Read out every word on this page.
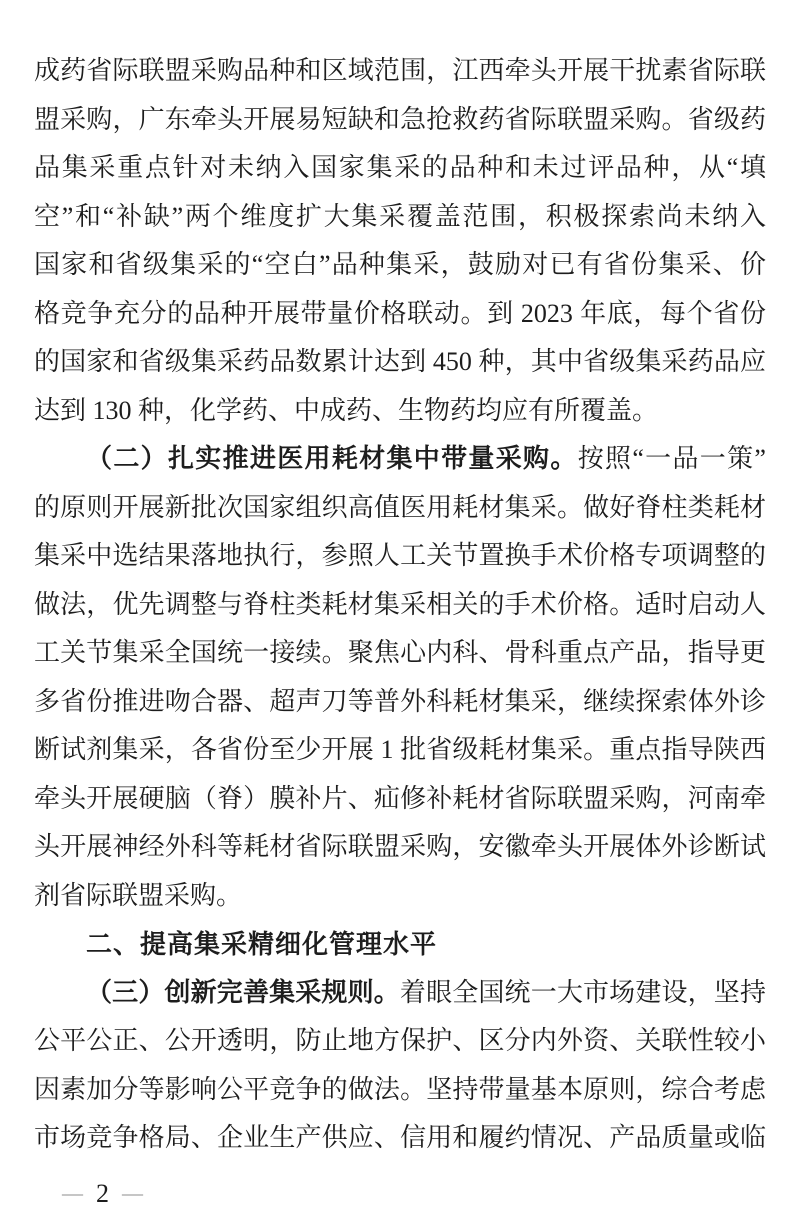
成药省际联盟采购品种和区域范围，江西牵头开展干扰素省际联
盟采购，广东牵头开展易短缺和急抢救药省际联盟采购。省级药
品集采重点针对未纳入国家集采的品种和未过评品种，从“填
空”和“补缺”两个维度扩大集采覆盖范围，积极探索尚未纳入
国家和省级集采的“空白”品种集采，鼓励对已有省份集采、价
格竞争充分的品种开展带量价格联动。到 2023 年底，每个省份
的国家和省级集采药品数累计达到 450 种，其中省级集采药品应
达到 130 种，化学药、中成药、生物药均应有所覆盖。
（二）扎实推进医用耗材集中带量采购。按照“一品一策”
的原则开展新批次国家组织高值医用耗材集采。做好脊柱类耗材
集采中选结果落地执行，参照人工关节置换手术价格专项调整的
做法，优先调整与脊柱类耗材集采相关的手术价格。适时启动人
工关节集采全国统一接续。聚焦心内科、骨科重点产品，指导更
多省份推进吻合器、超声刀等普外科耗材集采，继续探索体外诊
断试剂集采，各省份至少开展 1 批省级耗材集采。重点指导陕西
牵头开展硬脑（脊）膜补片、疝修补耗材省际联盟采购，河南牵
头开展神经外科等耗材省际联盟采购，安徽牵头开展体外诊断试
剂省际联盟采购。
二、提高集采精细化管理水平
（三）创新完善集采规则。着眼全国统一大市场建设，坚持
公平公正、公开透明，防止地方保护、区分内外资、关联性较小
因素加分等影响公平竞争的做法。坚持带量基本原则，综合考虑
市场竞争格局、企业生产供应、信用和履约情况、产品质量或临
— 2 —
